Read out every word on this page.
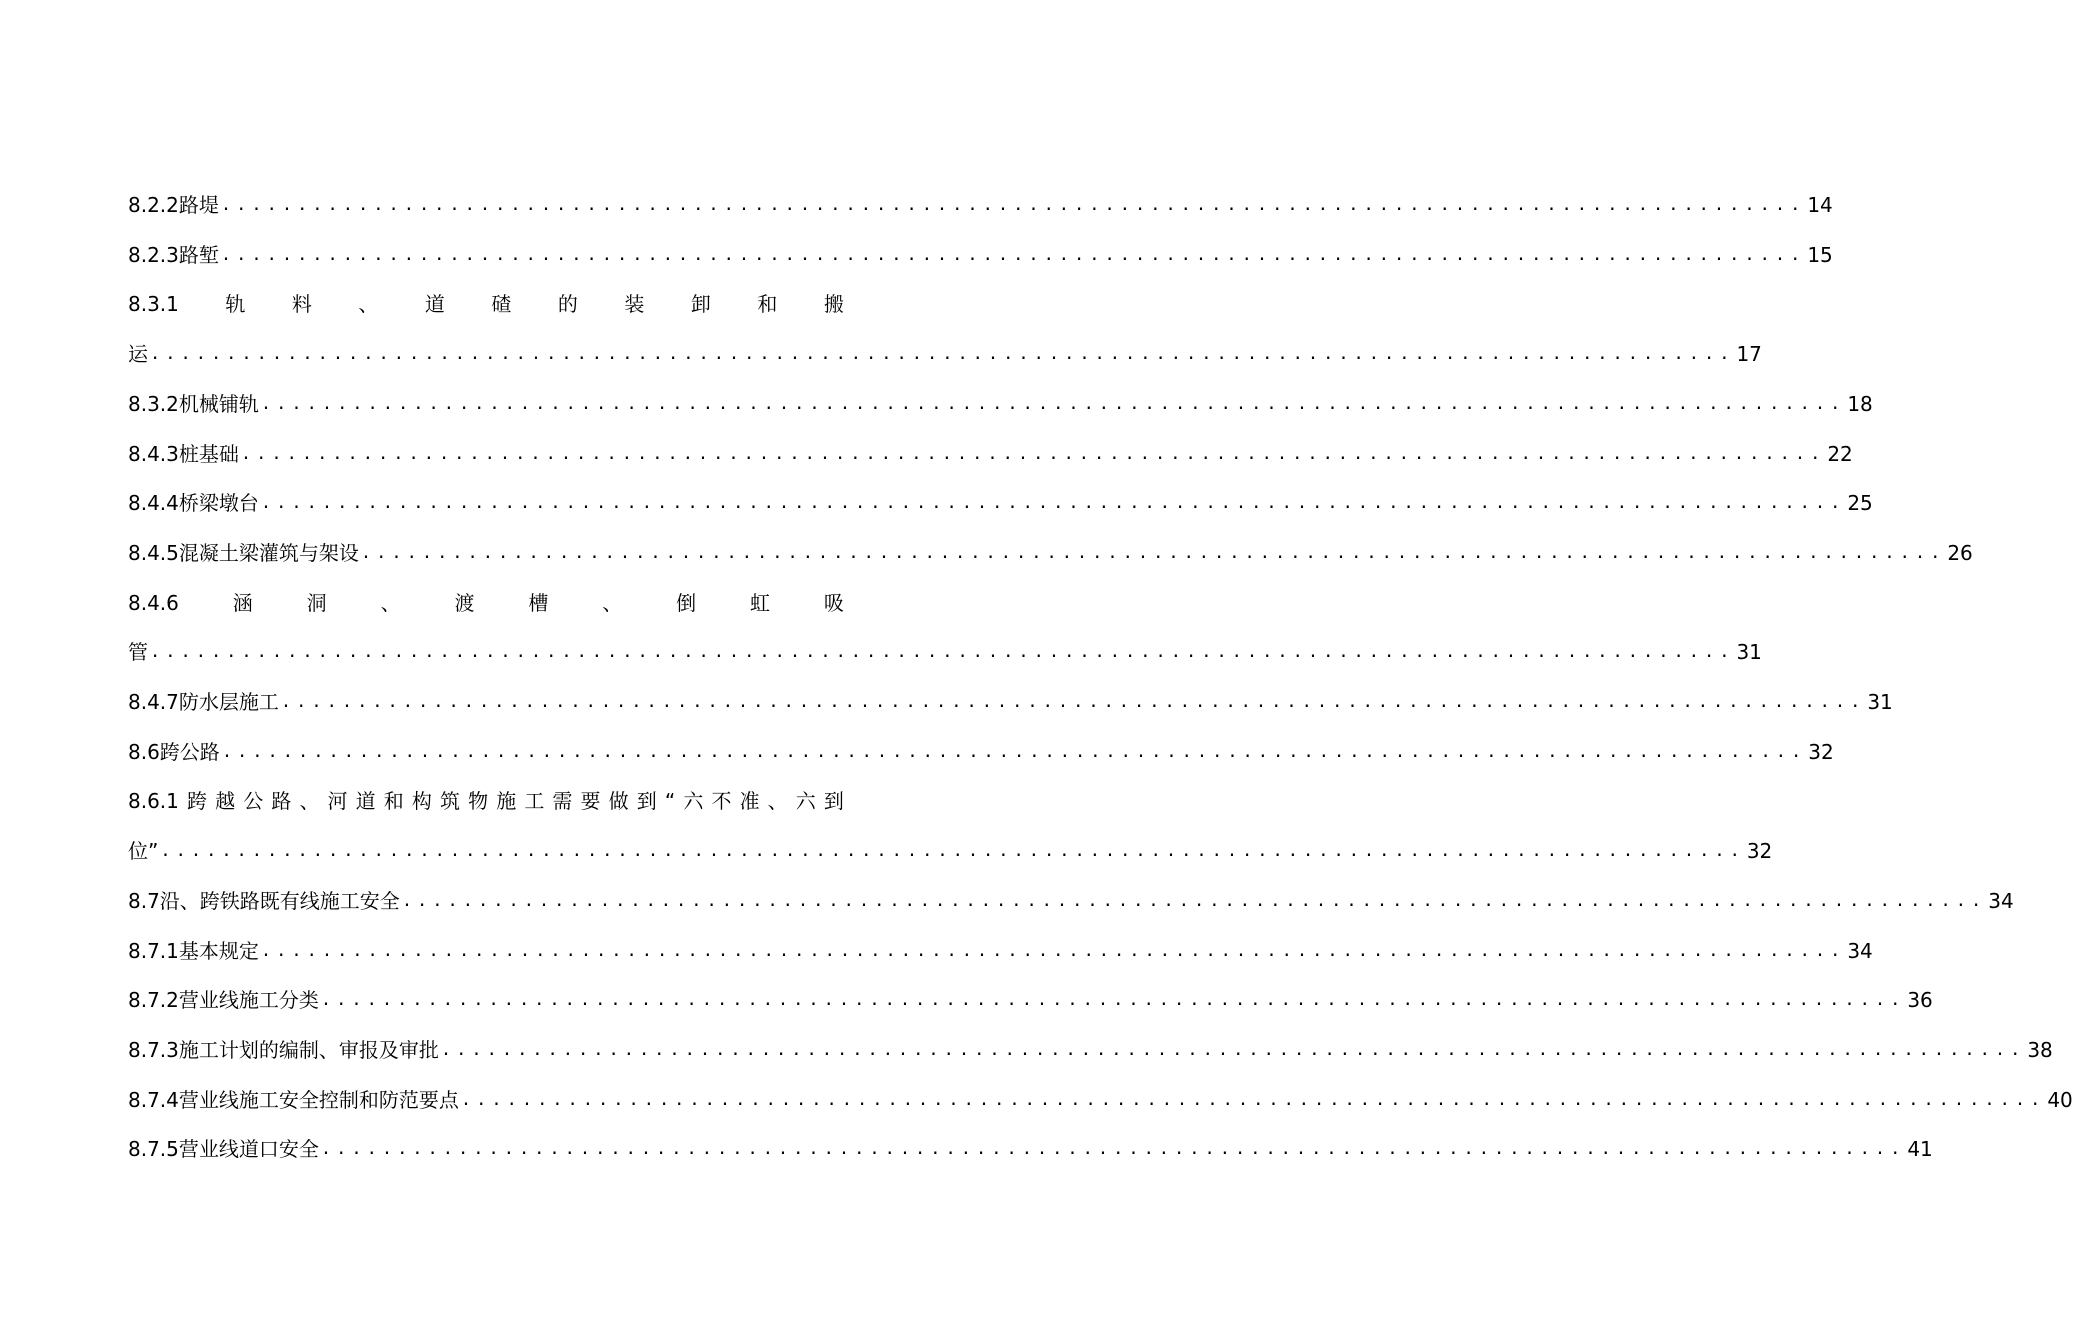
8.2.2路堤 ........................................................................................................ 14
8.2.3路堑 ........................................................................................................ 15
8.3.1 轨 料 、 道 碴 的 装 卸 和 搬
运 ........................................................................................................ 17
8.3.2机械铺轨 ........................................................................................................ 18
8.4.3桩基础 ........................................................................................................ 22
8.4.4桥梁墩台 ........................................................................................................ 25
8.4.5混凝土梁灌筑与架设 ........................................................................................................ 26
8.4.6	涵	洞	、	渡	槽	、	倒	虹	吸
管 ........................................................................................................ 31
8.4.7防水层施工 ........................................................................................................ 31
8.6跨公路 ........................................................................................................ 32
8.6.1 跨 越 公 路 、 河 道 和 构 筑 物 施 工 需 要 做 到 “ 六 不 准 、 六 到
位” ........................................................................................................ 32
8.7沿、跨铁路既有线施工安全 ........................................................................................................ 34
8.7.1基本规定 ........................................................................................................ 34
8.7.2营业线施工分类 ........................................................................................................ 36
8.7.3施工计划的编制、审报及审批 ........................................................................................................ 38
8.7.4营业线施工安全控制和防范要点 ........................................................................................................ 40
8.7.5营业线道口安全 ........................................................................................................ 41
